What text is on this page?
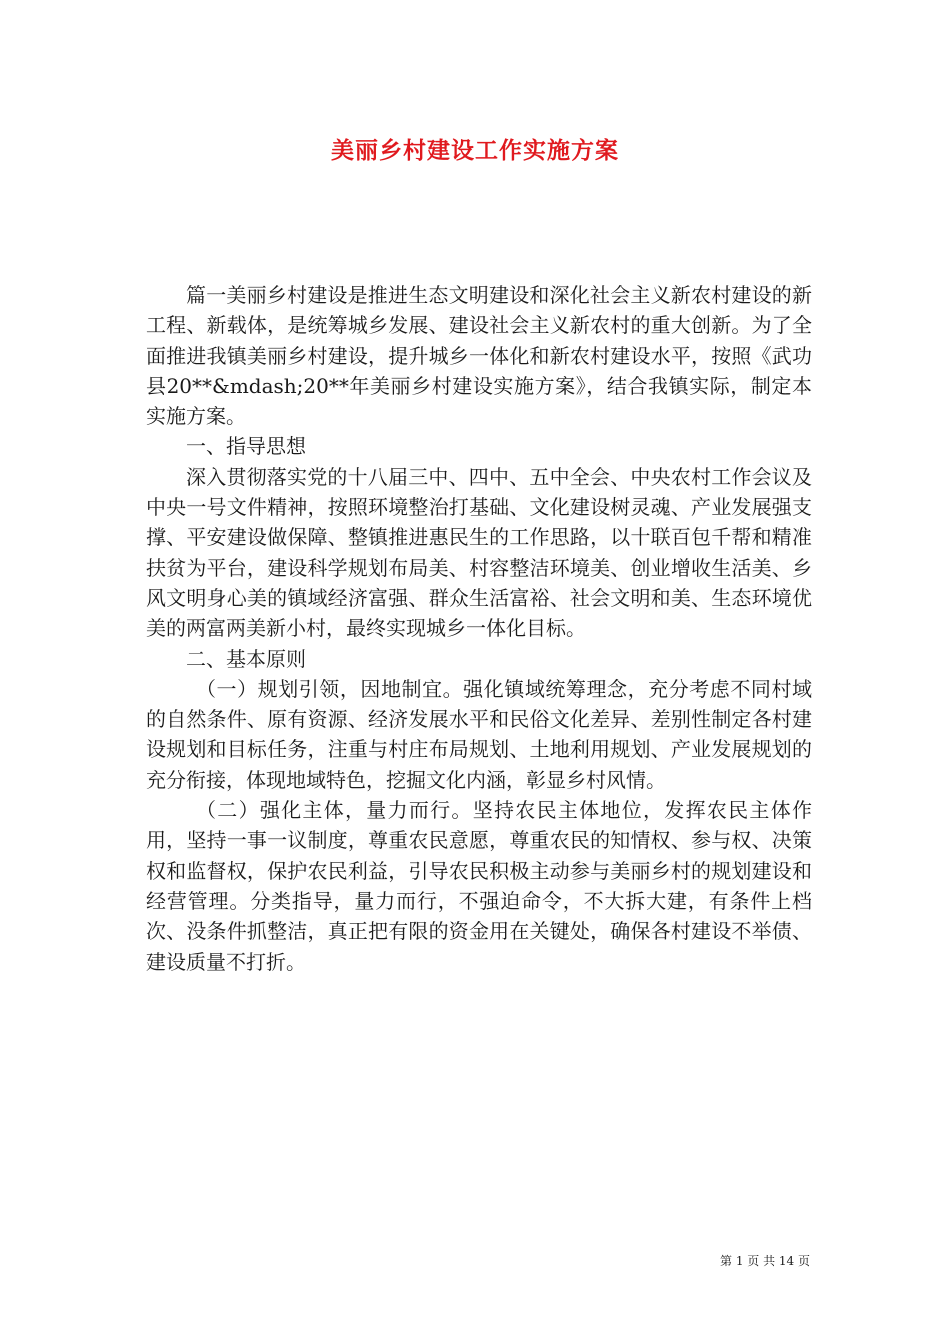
美丽乡村建设工作实施方案

篇一美丽乡村建设是推进生态文明建设和深化社会主义新农村建设的新工程、新载体，是统筹城乡发展、建设社会主义新农村的重大创新。为了全面推进我镇美丽乡村建设，提升城乡一体化和新农村建设水平，按照《武功县20**&mdash;20**年美丽乡村建设实施方案》，结合我镇实际，制定本实施方案。

一、指导思想

深入贯彻落实党的十八届三中、四中、五中全会、中央农村工作会议及中央一号文件精神，按照环境整治打基础、文化建设树灵魂、产业发展强支撑、平安建设做保障、整镇推进惠民生的工作思路，以十联百包千帮和精准扶贫为平台，建设科学规划布局美、村容整洁环境美、创业增收生活美、乡风文明身心美的镇域经济富强、群众生活富裕、社会文明和美、生态环境优美的两富两美新小村，最终实现城乡一体化目标。

二、基本原则

（一）规划引领，因地制宜。强化镇域统筹理念，充分考虑不同村域的自然条件、原有资源、经济发展水平和民俗文化差异、差别性制定各村建设规划和目标任务，注重与村庄布局规划、土地利用规划、产业发展规划的充分衔接，体现地域特色，挖掘文化内涵，彰显乡村风情。

（二）强化主体，量力而行。坚持农民主体地位，发挥农民主体作用，坚持一事一议制度，尊重农民意愿，尊重农民的知情权、参与权、决策权和监督权，保护农民利益，引导农民积极主动参与美丽乡村的规划建设和经营管理。分类指导，量力而行，不强迫命令，不大拆大建，有条件上档次、没条件抓整洁，真正把有限的资金用在关键处，确保各村建设不举债、建设质量不打折。

第 1 页 共 14 页
